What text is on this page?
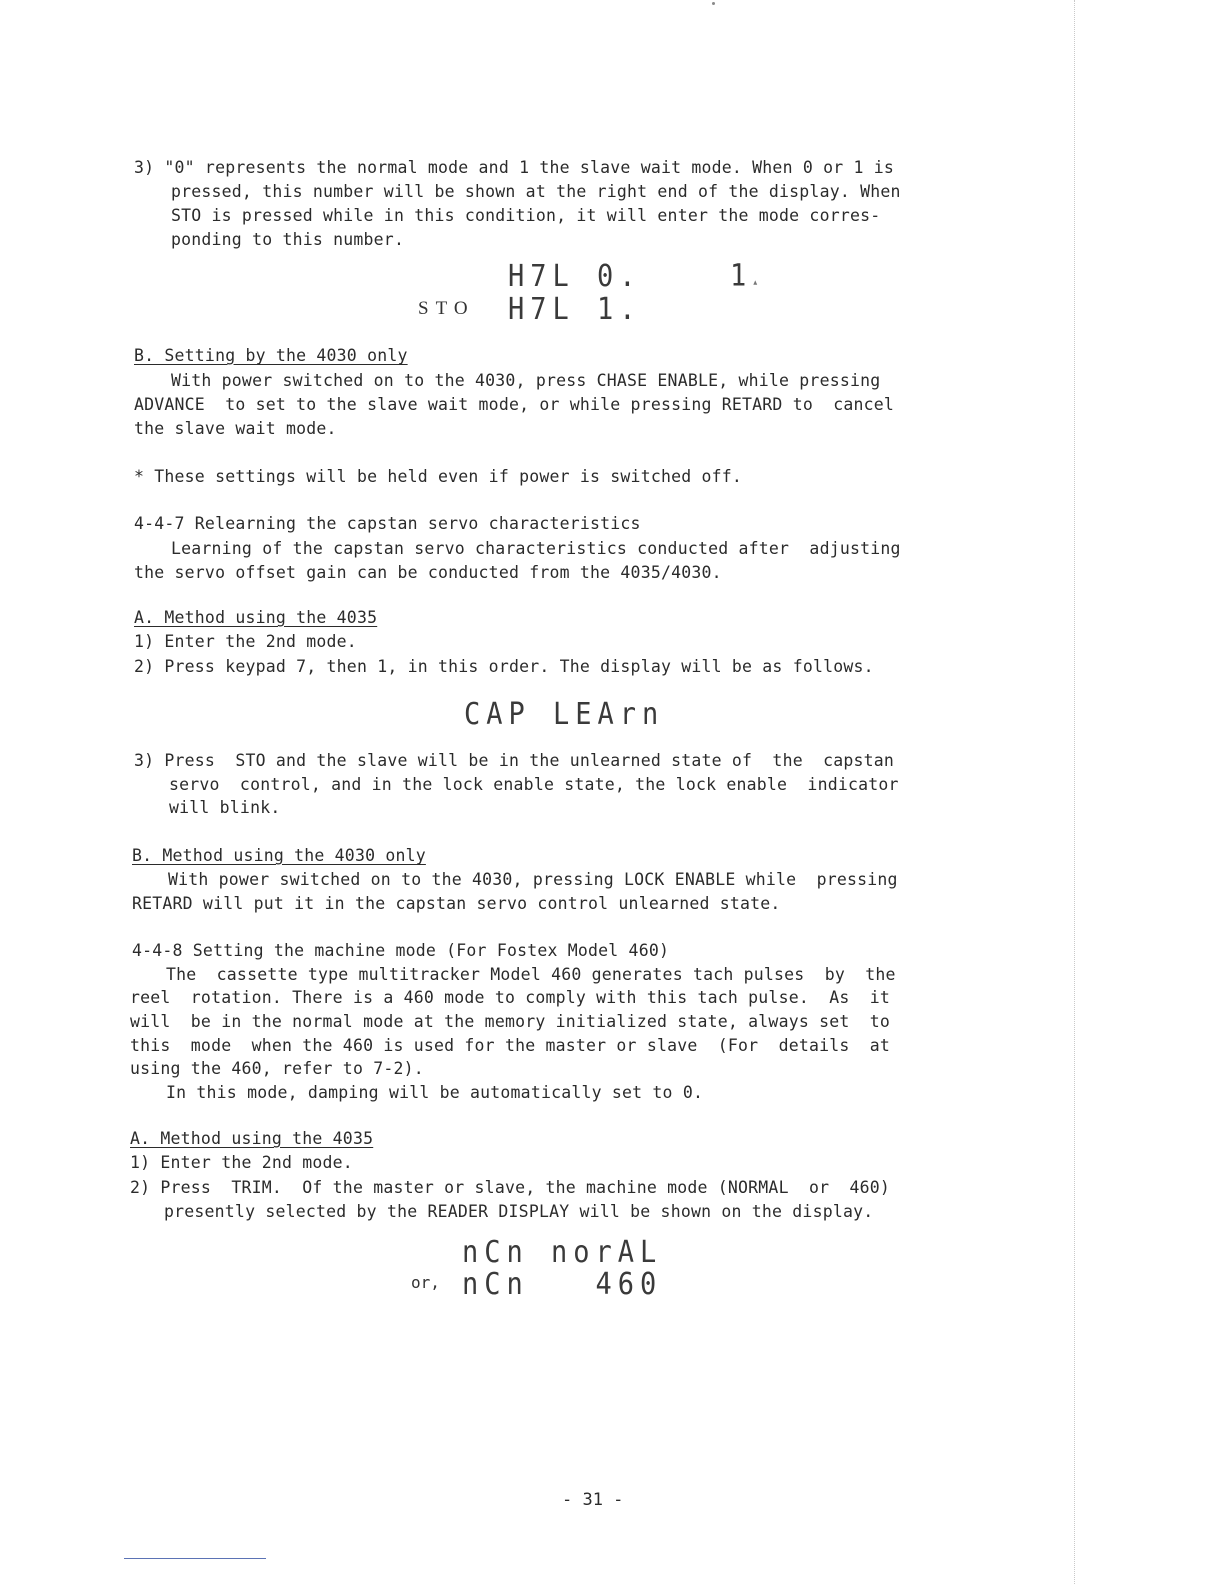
3) "0" represents the normal mode and 1 the slave wait mode. When 0 or 1 is
pressed, this number will be shown at the right end of the display. When
STO is pressed while in this condition, it will enter the mode corres-
ponding to this number.
H7L 0.	1▴
STO H7L 1.
B. Setting by the 4030 only
With power switched on to the 4030, press CHASE ENABLE, while pressing
ADVANCE  to set to the slave wait mode, or while pressing RETARD to  cancel
the slave wait mode.
* These settings will be held even if power is switched off.
4-4-7 Relearning the capstan servo characteristics
Learning of the capstan servo characteristics conducted after  adjusting
the servo offset gain can be conducted from the 4035/4030.
A. Method using the 4035
1) Enter the 2nd mode.
2) Press keypad 7, then 1, in this order. The display will be as follows.
CAP LEArn
3) Press  STO and the slave will be in the unlearned state of  the  capstan
servo  control, and in the lock enable state, the lock enable  indicator
will blink.
B. Method using the 4030 only
With power switched on to the 4030, pressing LOCK ENABLE while  pressing
RETARD will put it in the capstan servo control unlearned state.
4-4-8 Setting the machine mode (For Fostex Model 460)
The  cassette type multitracker Model 460 generates tach pulses  by  the
reel  rotation. There is a 460 mode to comply with this tach pulse.  As  it
will  be in the normal mode at the memory initialized state, always set  to
this  mode  when the 460 is used for the master or slave  (For  details  at
using the 460, refer to 7-2).
In this mode, damping will be automatically set to 0.
A. Method using the 4035
1) Enter the 2nd mode.
2) Press  TRIM.  Of the master or slave, the machine mode (NORMAL  or  460)
presently selected by the READER DISPLAY will be shown on the display.
nCn norAL
or, nCn   460
- 31 -
